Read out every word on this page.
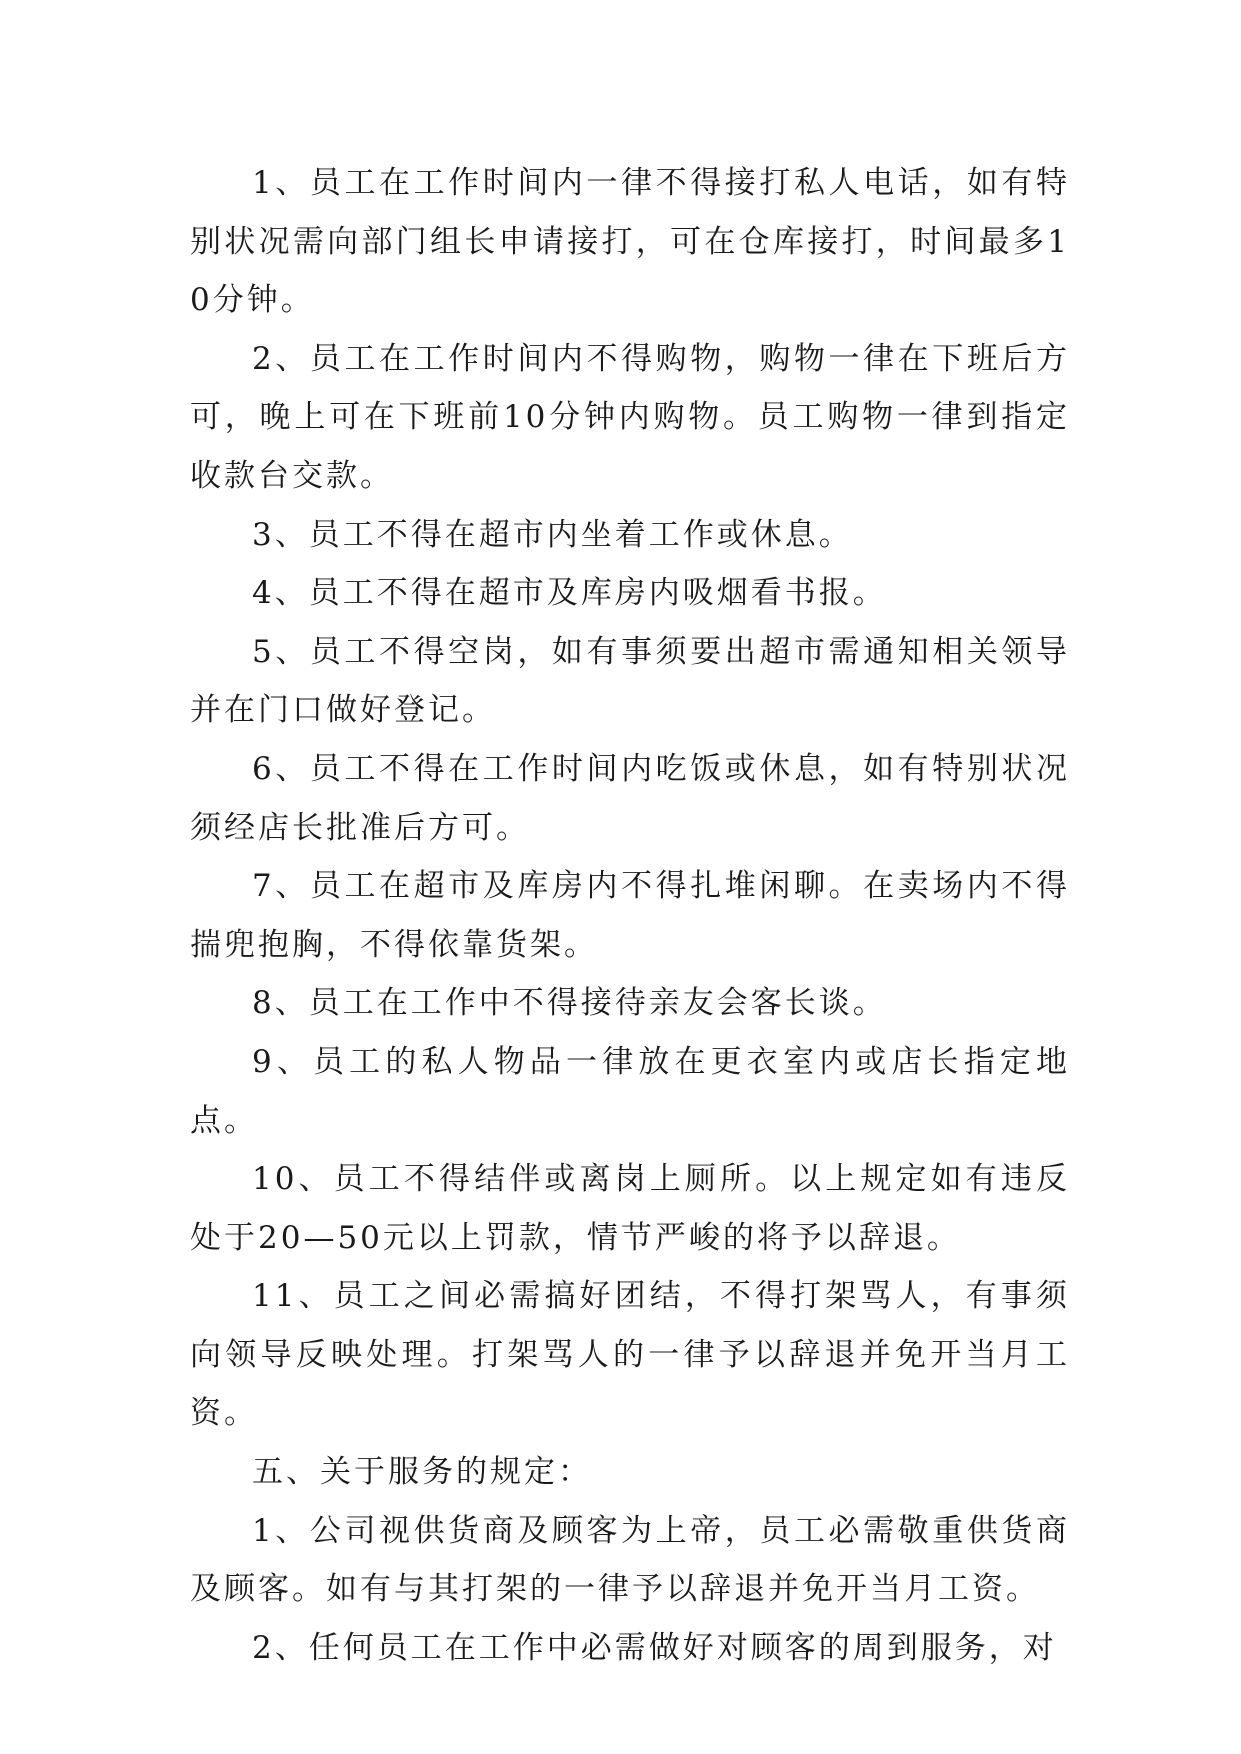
1、员工在工作时间内一律不得接打私人电话，如有特别状况需向部门组长申请接打，可在仓库接打，时间最多10分钟。

2、员工在工作时间内不得购物，购物一律在下班后方可，晚上可在下班前10分钟内购物。员工购物一律到指定收款台交款。

3、员工不得在超市内坐着工作或休息。

4、员工不得在超市及库房内吸烟看书报。

5、员工不得空岗，如有事须要出超市需通知相关领导并在门口做好登记。

6、员工不得在工作时间内吃饭或休息，如有特别状况须经店长批准后方可。

7、员工在超市及库房内不得扎堆闲聊。在卖场内不得揣兜抱胸，不得依靠货架。

8、员工在工作中不得接待亲友会客长谈。

9、员工的私人物品一律放在更衣室内或店长指定地点。

10、员工不得结伴或离岗上厕所。以上规定如有违反处于20—50元以上罚款，情节严峻的将予以辞退。

11、员工之间必需搞好团结，不得打架骂人，有事须向领导反映处理。打架骂人的一律予以辞退并免开当月工资。

五、关于服务的规定：

1、公司视供货商及顾客为上帝，员工必需敬重供货商及顾客。如有与其打架的一律予以辞退并免开当月工资。

2、任何员工在工作中必需做好对顾客的周到服务，对
